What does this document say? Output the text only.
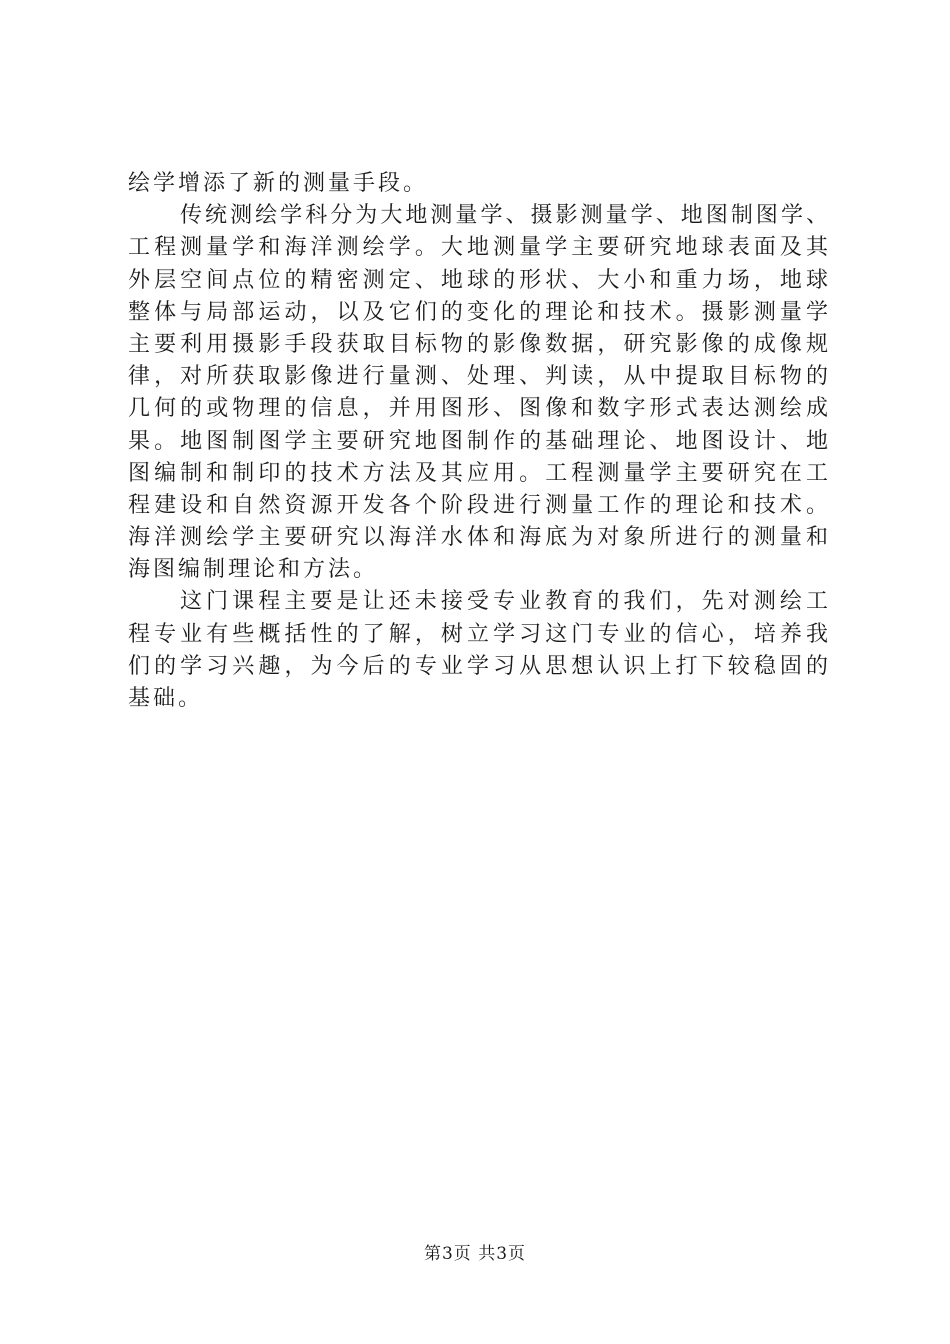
绘学增添了新的测量手段。
传统测绘学科分为大地测量学、摄影测量学、地图制图学、
工程测量学和海洋测绘学。大地测量学主要研究地球表面及其
外层空间点位的精密测定、地球的形状、大小和重力场，地球
整体与局部运动，以及它们的变化的理论和技术。摄影测量学
主要利用摄影手段获取目标物的影像数据，研究影像的成像规
律，对所获取影像进行量测、处理、判读，从中提取目标物的
几何的或物理的信息，并用图形、图像和数字形式表达测绘成
果。地图制图学主要研究地图制作的基础理论、地图设计、地
图编制和制印的技术方法及其应用。工程测量学主要研究在工
程建设和自然资源开发各个阶段进行测量工作的理论和技术。
海洋测绘学主要研究以海洋水体和海底为对象所进行的测量和
海图编制理论和方法。
这门课程主要是让还未接受专业教育的我们，先对测绘工
程专业有些概括性的了解，树立学习这门专业的信心，培养我
们的学习兴趣，为今后的专业学习从思想认识上打下较稳固的
基础。
第3页 共3页
